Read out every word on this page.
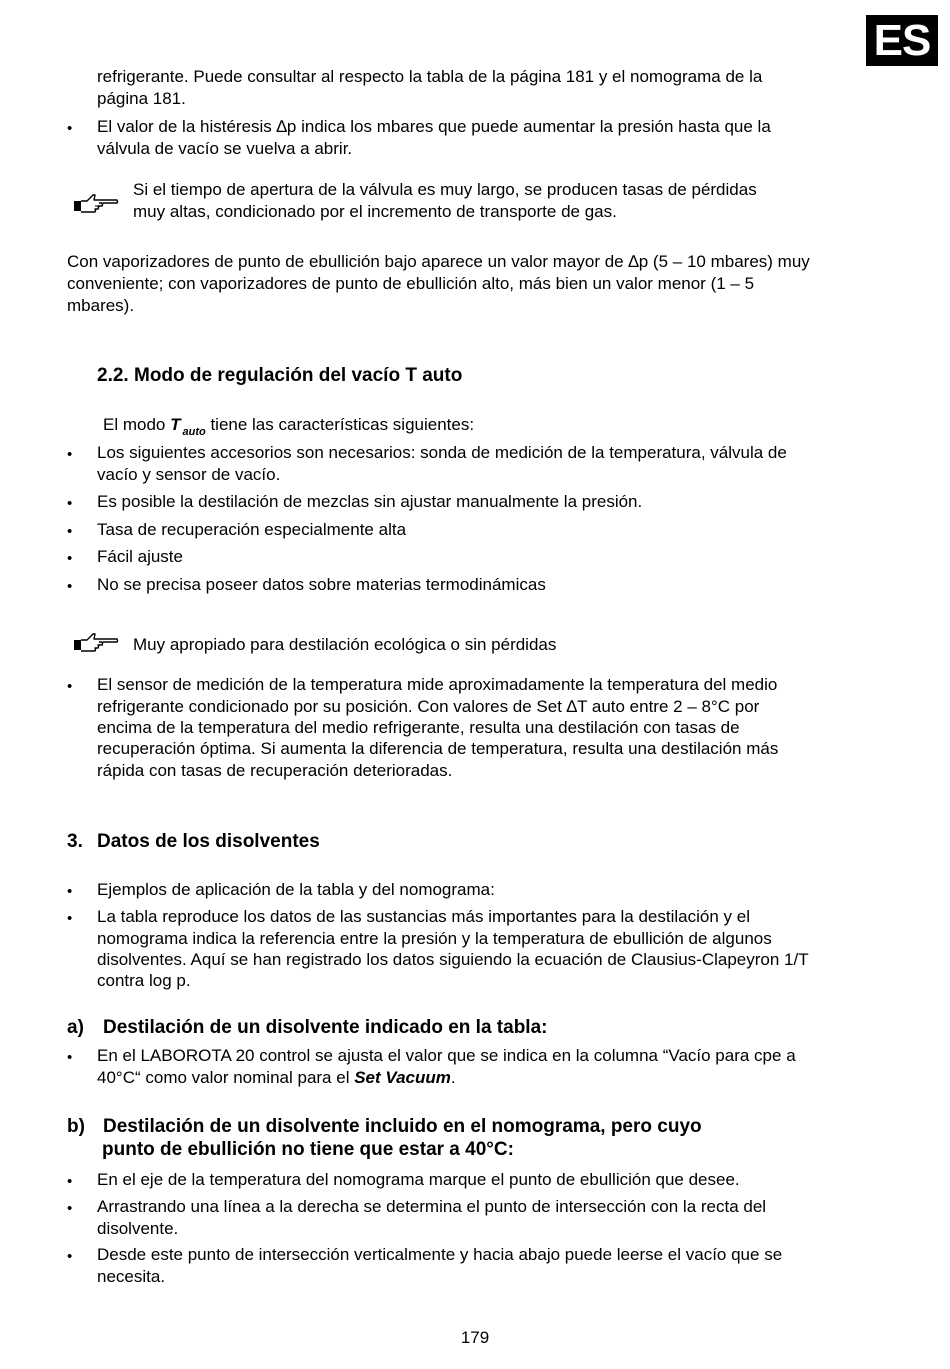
ES
refrigerante. Puede consultar al respecto la tabla de la página 181 y el nomograma de la
página 181.
• El valor de la histéresis ∆p indica los mbares que puede aumentar la presión hasta que la
válvula de vacío se vuelva a abrir.
Si el tiempo de apertura de la válvula es muy largo, se producen tasas de pérdidas
muy altas, condicionado por el incremento de transporte de gas.
Con vaporizadores de punto de ebullición bajo aparece un valor mayor de ∆p (5 – 10 mbares) muy
conveniente; con vaporizadores de punto de ebullición alto, más bien un valor menor (1 – 5
mbares).
2.2. Modo de regulación del vacío T auto
El modo T $_{auto}$ tiene las características siguientes:
• Los siguientes accesorios son necesarios: sonda de medición de la temperatura, válvula de
vacío y sensor de vacío.
• Es posible la destilación de mezclas sin ajustar manualmente la presión.
• Tasa de recuperación especialmente alta
• Fácil ajuste
• No se precisa poseer datos sobre materias termodinámicas
Muy apropiado para destilación ecológica o sin pérdidas
• El sensor de medición de la temperatura mide aproximadamente la temperatura del medio
refrigerante condicionado por su posición. Con valores de Set ∆T auto entre 2 – 8°C por
encima de la temperatura del medio refrigerante, resulta una destilación con tasas de
recuperación óptima. Si aumenta la diferencia de temperatura, resulta una destilación más
rápida con tasas de recuperación deterioradas.
3. Datos de los disolventes
• Ejemplos de aplicación de la tabla y del nomograma:
• La tabla reproduce los datos de las sustancias más importantes para la destilación y el
nomograma indica la referencia entre la presión y la temperatura de ebullición de algunos
disolventes. Aquí se han registrado los datos siguiendo la ecuación de Clausius-Clapeyron 1/T
contra log p.
a) Destilación de un disolvente indicado en la tabla:
• En el LABOROTA 20 control se ajusta el valor que se indica en la columna “Vacío para cpe a
40°C“ como valor nominal para el Set Vacuum.
b) Destilación de un disolvente incluido en el nomograma, pero cuyo
punto de ebullición no tiene que estar a 40°C:
• En el eje de la temperatura del nomograma marque el punto de ebullición que desee.
• Arrastrando una línea a la derecha se determina el punto de intersección con la recta del
disolvente.
• Desde este punto de intersección verticalmente y hacia abajo puede leerse el vacío que se
necesita.
179
